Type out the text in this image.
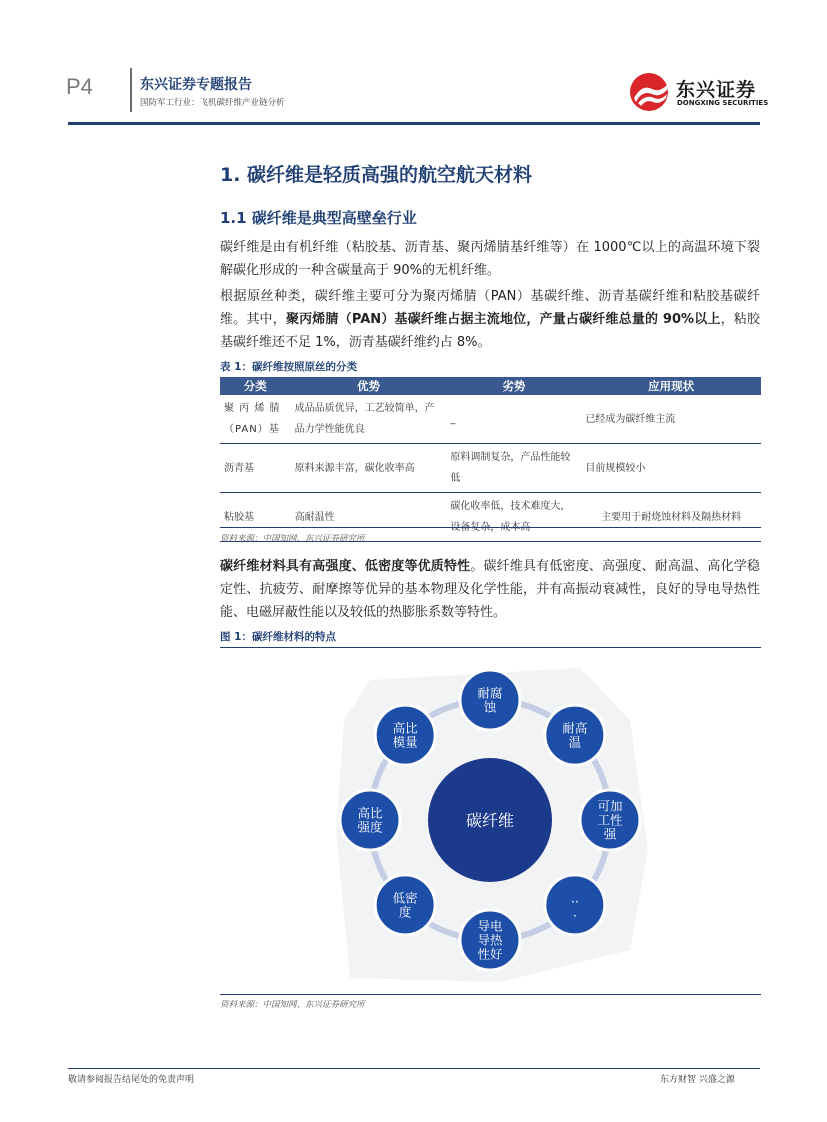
P4	东兴证券专题报告
国防军工行业：飞机碳纤维产业链分析
东兴证券
DONGXING SECURITIES
1. 碳纤维是轻质高强的航空航天材料
1.1 碳纤维是典型高壁垒行业
碳纤维是由有机纤维（粘胶基、沥青基、聚丙烯腈基纤维等）在 1000℃以上的高温环境下裂解碳化形成的一种含碳量高于 90%的无机纤维。
根据原丝种类，碳纤维主要可分为聚丙烯腈（PAN）基碳纤维、沥青基碳纤维和粘胶基碳纤维。其中，聚丙烯腈（PAN）基碳纤维占据主流地位，产量占碳纤维总量的 90%以上，粘胶基碳纤维还不足 1%，沥青基碳纤维约占 8%。
表 1：碳纤维按照原丝的分类
分类	优势	劣势	应用现状
聚 丙 烯 腈（PAN）基	成品品质优异，工艺较简单，产品力学性能优良	_	已经成为碳纤维主流
沥青基	原料来源丰富，碳化收率高	原料调制复杂，产品性能较低	目前规模较小
粘胶基	高耐温性	碳化收率低，技术难度大，	主要用于耐烧蚀材料及隔热材料
资料来源：中国知网、东兴证券研究所
碳纤维材料具有高强度、低密度等优质特性。碳纤维具有低密度、高强度、耐高温、高化学稳定性、抗疲劳、耐摩擦等优异的基本物理及化学性能，并有高振动衰减性，良好的导电导热性能、电磁屏蔽性能以及较低的热膨胀系数等特性。
图 1：碳纤维材料的特点
耐腐蚀
耐高温
可加工性强
.. .
导电导热性好
低密度
高比强度
高比模量
碳纤维
资料来源：中国知网、东兴证券研究所
敬请参阅报告结尾处的免责声明	东方财智 兴盛之源
